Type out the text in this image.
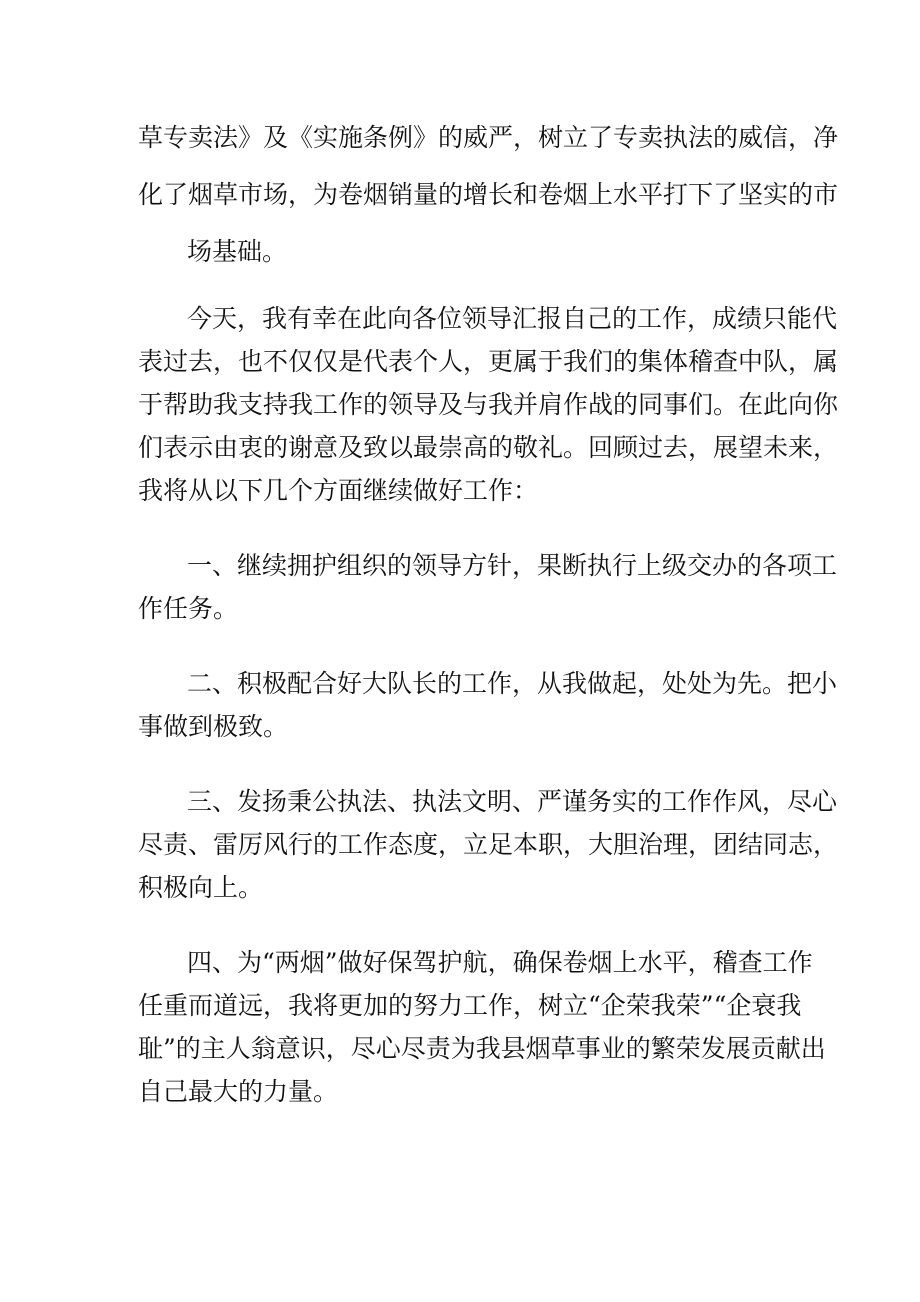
草专卖法》及《实施条例》的威严，树立了专卖执法的威信，净
化了烟草市场，为卷烟销量的增长和卷烟上水平打下了坚实的市
场基础。
今天，我有幸在此向各位领导汇报自己的工作，成绩只能代
表过去，也不仅仅是代表个人，更属于我们的集体稽查中队，属
于帮助我支持我工作的领导及与我并肩作战的同事们。在此向你
们表示由衷的谢意及致以最崇高的敬礼。回顾过去，展望未来，
我将从以下几个方面继续做好工作：
一、继续拥护组织的领导方针，果断执行上级交办的各项工
作任务。
二、积极配合好大队长的工作，从我做起，处处为先。把小
事做到极致。
三、发扬秉公执法、执法文明、严谨务实的工作作风，尽心
尽责、雷厉风行的工作态度，立足本职，大胆治理，团结同志，
积极向上。
四、为“两烟”做好保驾护航，确保卷烟上水平，稽查工作
任重而道远，我将更加的努力工作，树立“企荣我荣”“企衰我
耻”的主人翁意识，尽心尽责为我县烟草事业的繁荣发展贡献出
自己最大的力量。
